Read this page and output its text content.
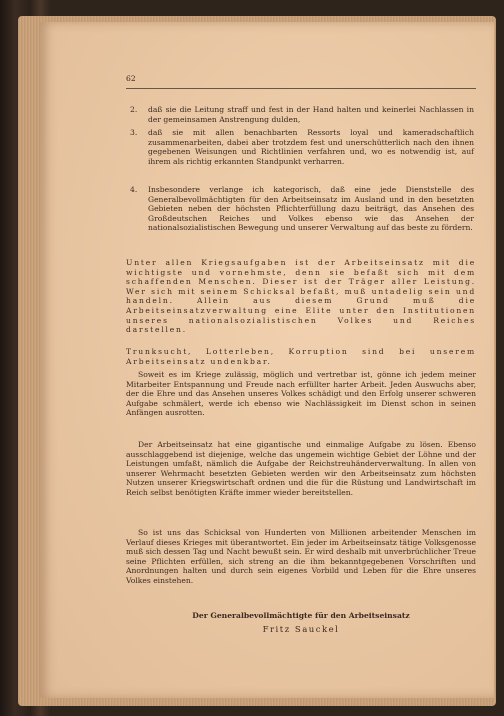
62
2.	daß sie die Leitung straff und fest in der Hand halten und keinerlei Nachlassen in der gemeinsamen Anstrengung dulden,
3.	daß sie mit allen benachbarten Ressorts loyal und kameradschaftlich zusammenarbeiten, dabei aber trotzdem fest und unerschütterlich nach den ihnen gegebenen Weisungen und Richtlinien verfahren und, wo es notwendig ist, auf ihrem als richtig erkannten Standpunkt verharren.
4.	Insbesondere verlange ich kategorisch, daß eine jede Dienststelle des Generalbevollmächtigten für den Arbeitseinsatz im Ausland und in den besetzten Gebieten neben der höchsten Pflichterfüllung dazu beiträgt, das Ansehen des Großdeutschen Reiches und Volkes ebenso wie das Ansehen der nationalsozialistischen Bewegung und unserer Verwaltung auf das beste zu fördern.
Unter allen Kriegsaufgaben ist der Arbeitseinsatz mit die wichtigste und vornehmste, denn sie befaßt sich mit dem schaffenden Menschen. Dieser ist der Träger aller Leistung. Wer sich mit seinem Schicksal befaßt, muß untadelig sein und handeln. Allein aus diesem Grund muß die Arbeitseinsatzverwaltung eine Elite unter den Institutionen unseres nationalsozialistischen Volkes und Reiches darstellen.
Trunksucht, Lotterleben, Korruption sind bei unserem Arbeitseinsatz undenkbar.
Soweit es im Kriege zulässig, möglich und vertretbar ist, gönne ich jedem meiner Mitarbeiter Entspannung und Freude nach erfüllter harter Arbeit. Jeden Auswuchs aber, der die Ehre und das Ansehen unseres Volkes schädigt und den Erfolg unserer schweren Aufgabe schmälert, werde ich ebenso wie Nachlässigkeit im Dienst schon in seinen Anfängen ausrotten.
Der Arbeitseinsatz hat eine gigantische und einmalige Aufgabe zu lösen. Ebenso ausschlaggebend ist diejenige, welche das ungemein wichtige Gebiet der Löhne und der Leistungen umfaßt, nämlich die Aufgabe der Reichstreuhänderverwaltung. In allen von unserer Wehrmacht besetzten Gebieten werden wir den Arbeitseinsatz zum höchsten Nutzen unserer Kriegswirtschaft ordnen und die für die Rüstung und Landwirtschaft im Reich selbst benötigten Kräfte immer wieder bereitstellen.
So ist uns das Schicksal von Hunderten von Millionen arbeitender Menschen im Verlauf dieses Krieges mit überantwortet. Ein jeder im Arbeitseinsatz tätige Volksgenosse muß sich dessen Tag und Nacht bewußt sein. Er wird deshalb mit unverbrüchlicher Treue seine Pflichten erfüllen, sich streng an die ihm bekanntgegebenen Vorschriften und Anordnungen halten und durch sein eigenes Vorbild und Leben für die Ehre unseres Volkes einstehen.
Der Generalbevollmächtigte für den Arbeitseinsatz
Fritz Sauckel
